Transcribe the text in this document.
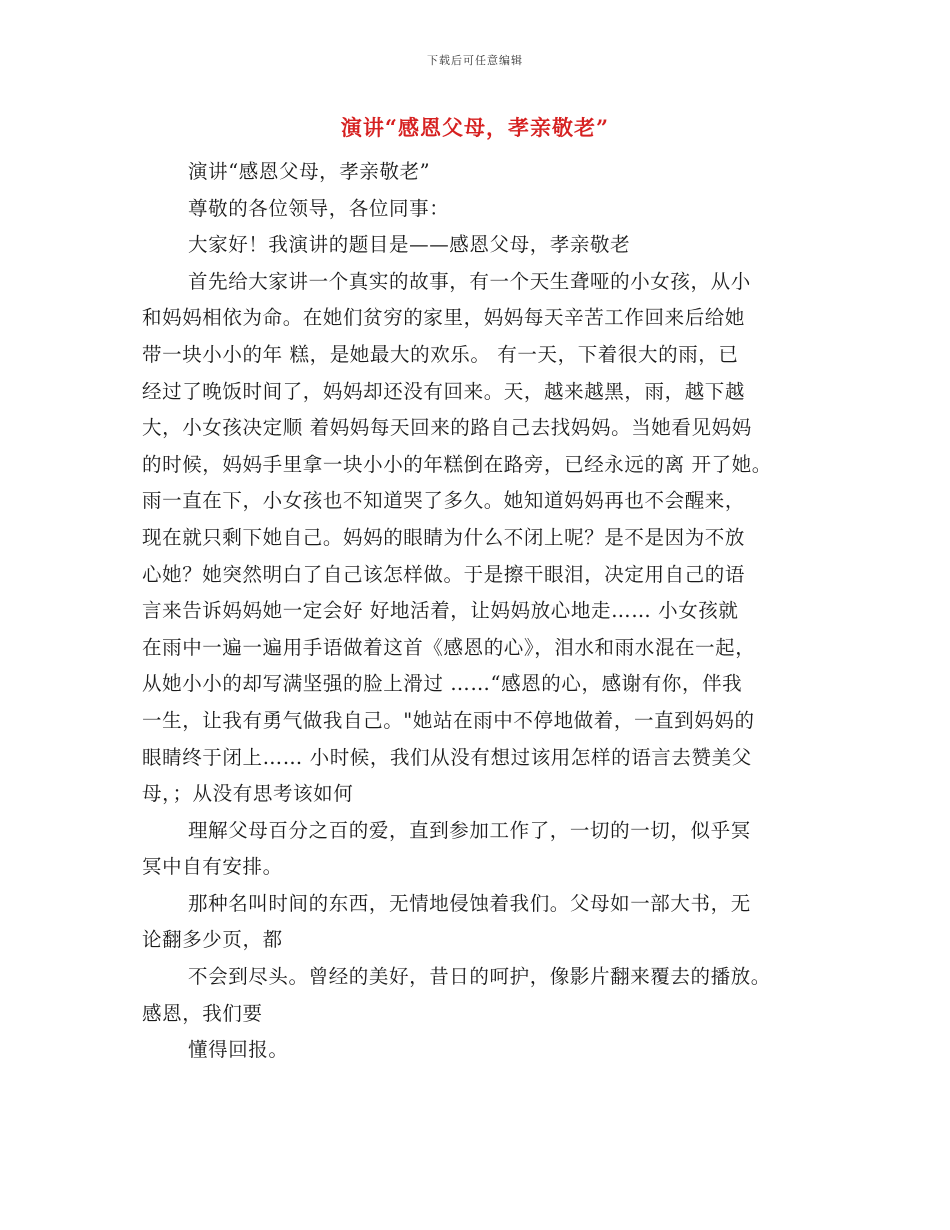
下载后可任意编辑
演讲“感恩父母，孝亲敬老”
演讲“感恩父母，孝亲敬老”
尊敬的各位领导，各位同事：
大家好！我演讲的题目是——感恩父母，孝亲敬老
首先给大家讲一个真实的故事，有一个天生聋哑的小女孩，从小
和妈妈相依为命。在她们贫穷的家里，妈妈每天辛苦工作回来后给她
带一块小小的年 糕，是她最大的欢乐。 有一天，下着很大的雨，已
经过了晚饭时间了，妈妈却还没有回来。天，越来越黑，雨，越下越
大，小女孩决定顺 着妈妈每天回来的路自己去找妈妈。当她看见妈妈
的时候，妈妈手里拿一块小小的年糕倒在路旁，已经永远的离 开了她。
雨一直在下，小女孩也不知道哭了多久。她知道妈妈再也不会醒来，
现在就只剩下她自己。妈妈的眼睛为什么不闭上呢？是不是因为不放
心她？她突然明白了自己该怎样做。于是擦干眼泪，决定用自己的语
言来告诉妈妈她一定会好 好地活着，让妈妈放心地走…… 小女孩就
在雨中一遍一遍用手语做着这首《感恩的心》，泪水和雨水混在一起，
从她小小的却写满坚强的脸上滑过 ……“感恩的心，感谢有你，伴我
一生，让我有勇气做我自己。"她站在雨中不停地做着，一直到妈妈的
眼睛终于闭上…… 小时候，我们从没有想过该用怎样的语言去赞美父
母，；从没有思考该如何
理解父母百分之百的爱，直到参加工作了，一切的一切，似乎冥
冥中自有安排。
那种名叫时间的东西，无情地侵蚀着我们。父母如一部大书，无
论翻多少页，都
不会到尽头。曾经的美好，昔日的呵护，像影片翻来覆去的播放。
感恩，我们要
懂得回报。
